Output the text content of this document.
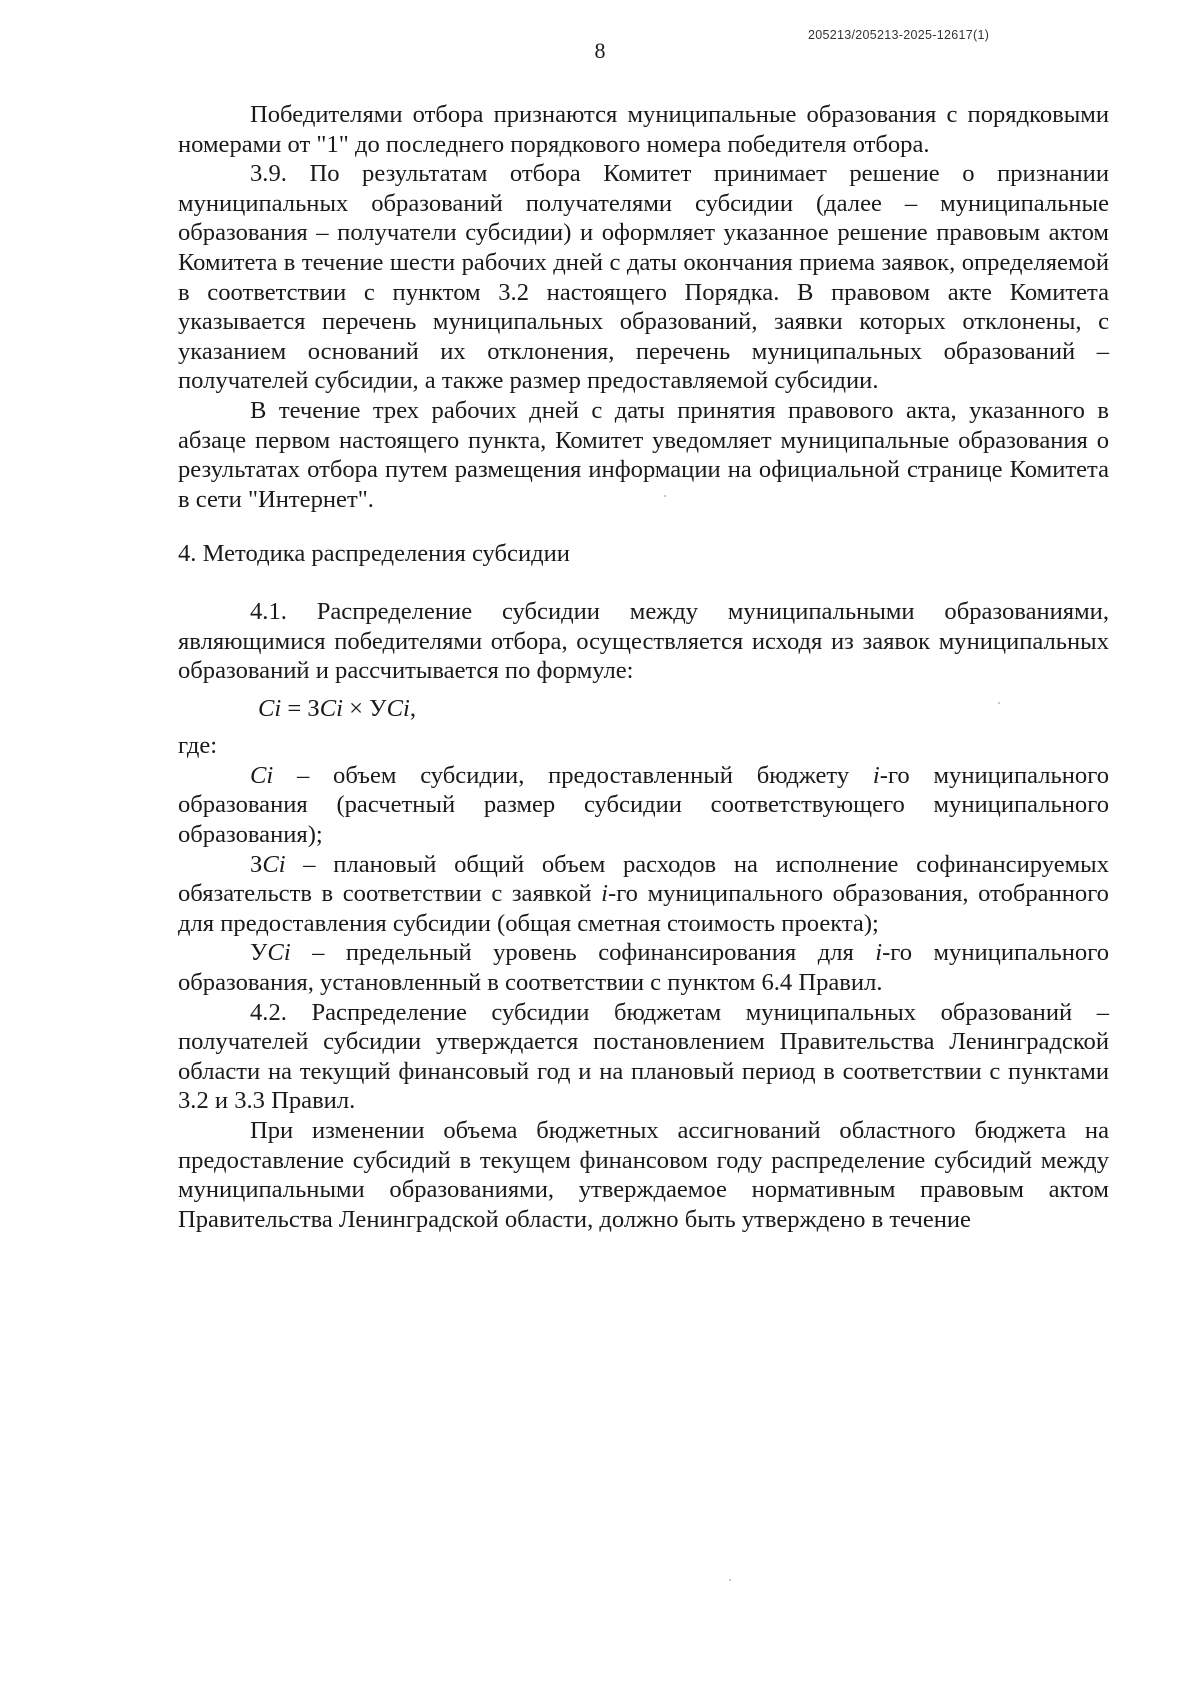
205213/205213-2025-12617(1)
8

Победителями отбора признаются муниципальные образования с порядковыми номерами от "1" до последнего порядкового номера победителя отбора.

3.9. По результатам отбора Комитет принимает решение о признании муниципальных образований получателями субсидии (далее – муниципальные образования – получатели субсидии) и оформляет указанное решение правовым актом Комитета в течение шести рабочих дней с даты окончания приема заявок, определяемой в соответствии с пунктом 3.2 настоящего Порядка. В правовом акте Комитета указывается перечень муниципальных образований, заявки которых отклонены, с указанием оснований их отклонения, перечень муниципальных образований – получателей субсидии, а также размер предоставляемой субсидии.

В течение трех рабочих дней с даты принятия правового акта, указанного в абзаце первом настоящего пункта, Комитет уведомляет муниципальные образования о результатах отбора путем размещения информации на официальной странице Комитета в сети "Интернет".

4. Методика распределения субсидии

4.1. Распределение субсидии между муниципальными образованиями, являющимися победителями отбора, осуществляется исходя из заявок муниципальных образований и рассчитывается по формуле:

Ci = ЗCi × УCi,

где:

Ci – объем субсидии, предоставленный бюджету i-го муниципального образования (расчетный размер субсидии соответствующего муниципального образования);

ЗCi – плановый общий объем расходов на исполнение софинансируемых обязательств в соответствии с заявкой i-го муниципального образования, отобранного для предоставления субсидии (общая сметная стоимость проекта);

УCi – предельный уровень софинансирования для i-го муниципального образования, установленный в соответствии с пунктом 6.4 Правил.

4.2. Распределение субсидии бюджетам муниципальных образований – получателей субсидии утверждается постановлением Правительства Ленинградской области на текущий финансовый год и на плановый период в соответствии с пунктами 3.2 и 3.3 Правил.

При изменении объема бюджетных ассигнований областного бюджета на предоставление субсидий в текущем финансовом году распределение субсидий между муниципальными образованиями, утверждаемое нормативным правовым актом Правительства Ленинградской области, должно быть утверждено в течение
